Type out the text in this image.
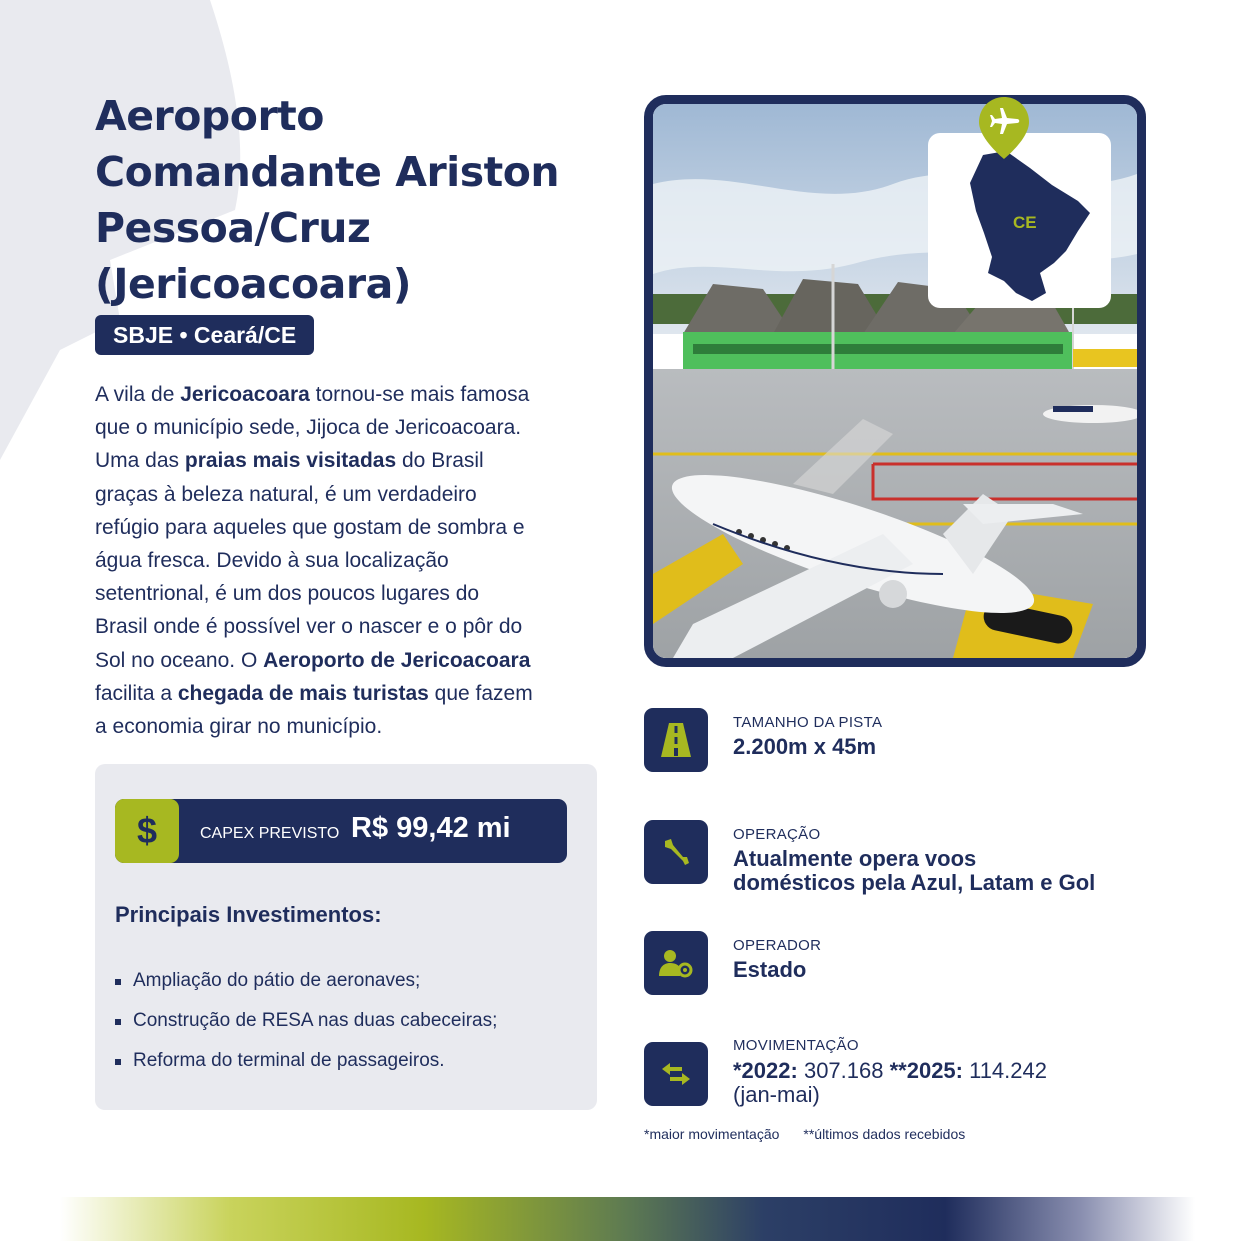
Aeroporto
Comandante Ariston
Pessoa/Cruz
(Jericoacoara)
SBJE • Ceará/CE
A vila de Jericoacoara tornou-se mais famosa
que o município sede, Jijoca de Jericoacoara.
Uma das praias mais visitadas do Brasil
graças à beleza natural, é um verdadeiro
refúgio para aqueles que gostam de sombra e
água fresca. Devido à sua localização
setentrional, é um dos poucos lugares do
Brasil onde é possível ver o nascer e o pôr do
Sol no oceano. O Aeroporto de Jericoacoara
facilita a chegada de mais turistas que fazem
a economia girar no município.
$	CAPEX PREVISTO R$ 99,42 mi
Principais Investimentos:
Ampliação do pátio de aeronaves;
Construção de RESA nas duas cabeceiras;
Reforma do terminal de passageiros.
CE
TAMANHO DA PISTA
2.200m x 45m
OPERAÇÃO
Atualmente opera voos
domésticos pela Azul, Latam e Gol
OPERADOR
Estado
MOVIMENTAÇÃO
*2022: 307.168 **2025: 114.242
(jan-mai)
*maior movimentação **últimos dados recebidos
